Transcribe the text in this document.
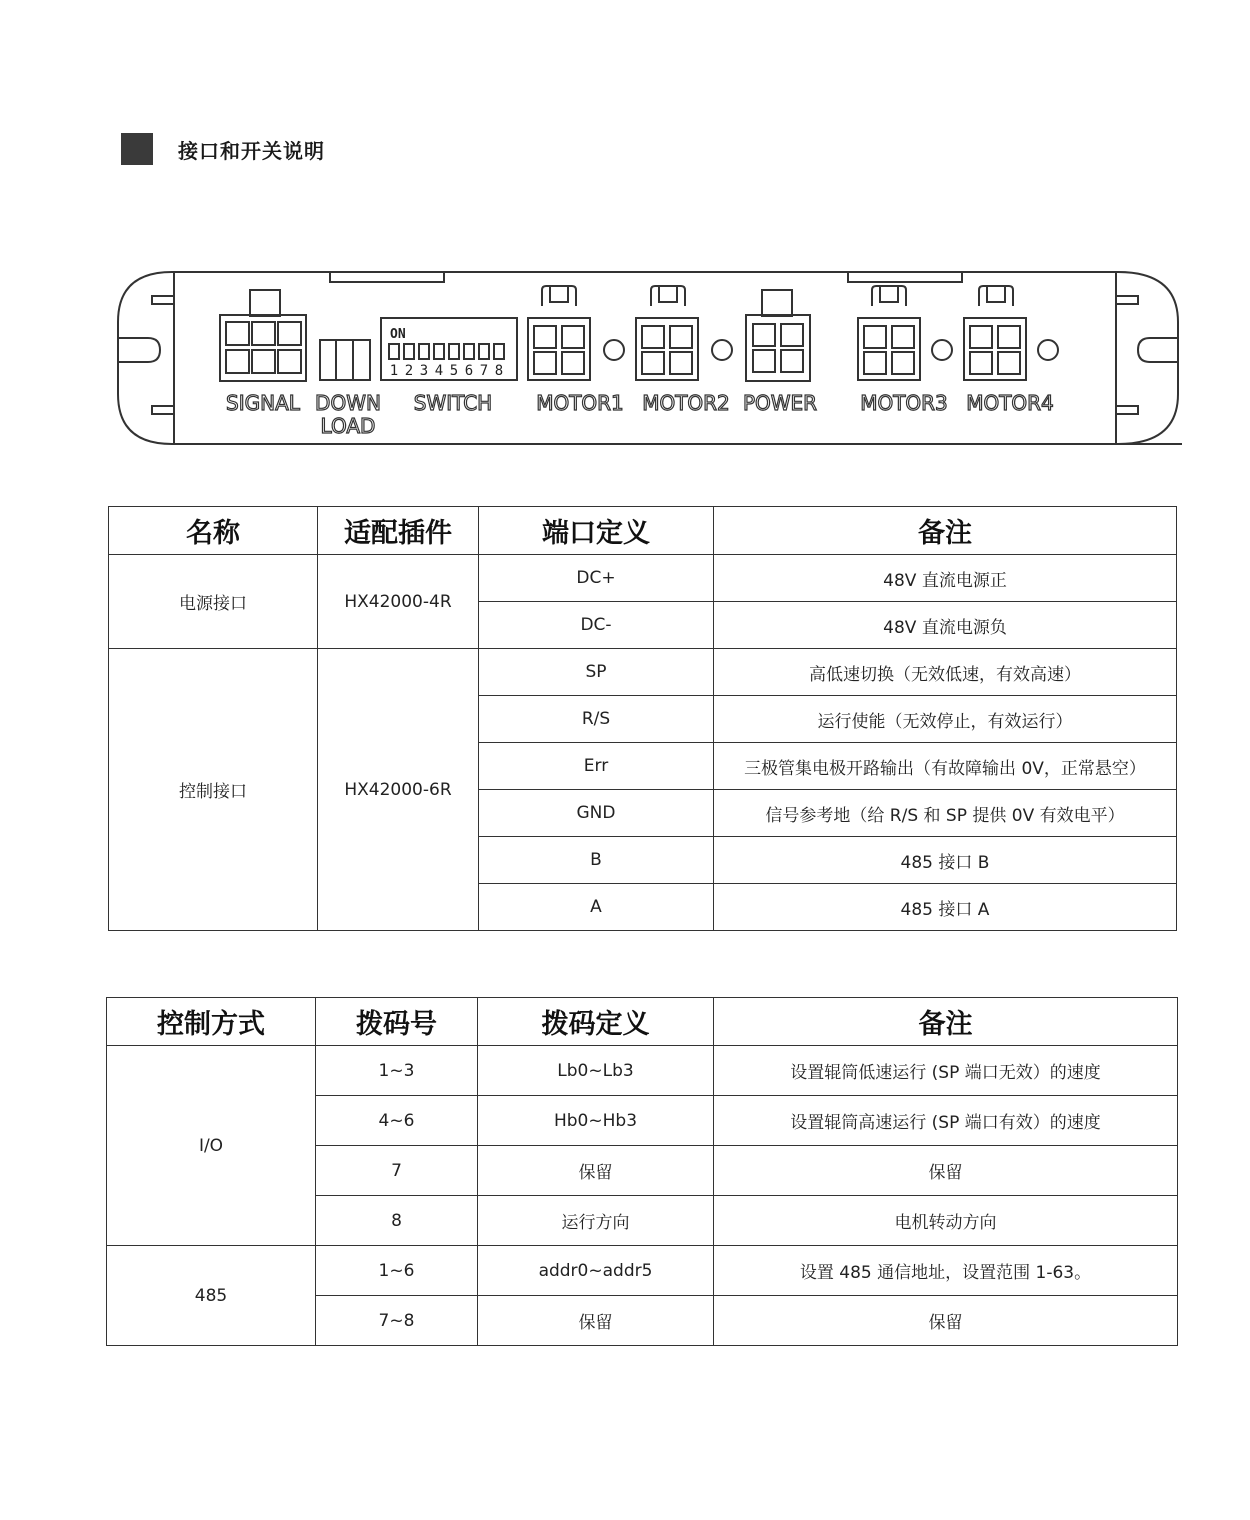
接口和开关说明
ON
1 2 3 4 5 6 7 8
SIGNAL DOWN
LOAD
SWITCH MOTOR1 MOTOR2 POWER MOTOR3 MOTOR4
名称	适配插件	端口定义	备注
电源接口	HX42000-4R	DC+	48V 直流电源正
		DC-	48V 直流电源负
控制接口	HX42000-6R	SP	高低速切换（无效低速，有效高速）
		R/S	运行使能（无效停止，有效运行）
		Err	三极管集电极开路输出（有故障输出 0V，正常悬空）
		GND	信号参考地（给 R/S 和 SP 提供 0V 有效电平）
		B	485 接口 B
		A	485 接口 A
控制方式	拨码号	拨码定义	备注
I/O	1~3	Lb0~Lb3	设置辊筒低速运行 (SP 端口无效）的速度
	4~6	Hb0~Hb3	设置辊筒高速运行 (SP 端口有效）的速度
	7	保留	保留
	8	运行方向	电机转动方向
485	1~6	addr0~addr5	设置 485 通信地址，设置范围 1-63。
	7~8	保留	保留
